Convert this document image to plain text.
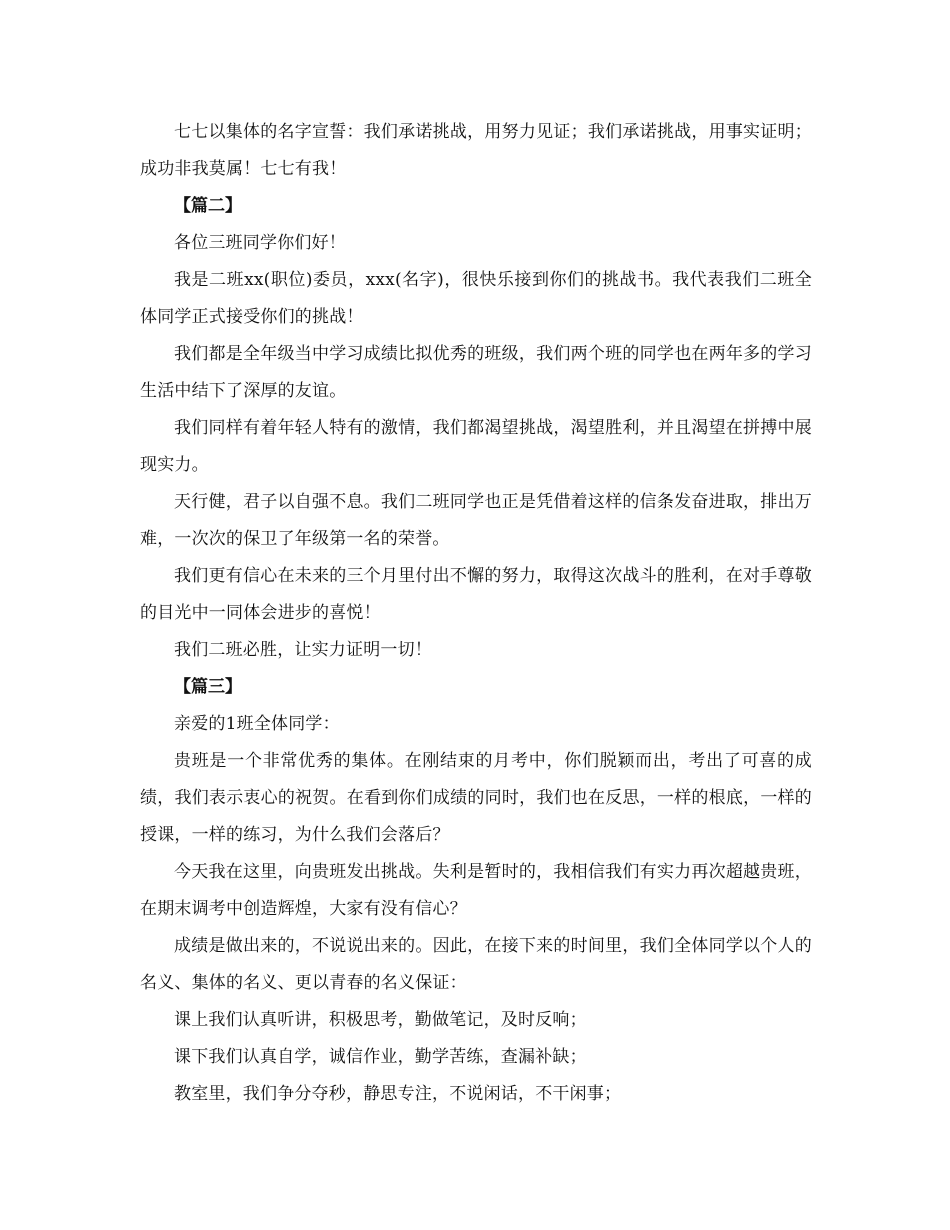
七七以集体的名字宣誓：我们承诺挑战，用努力见证；我们承诺挑战，用事实证明；成功非我莫属！七七有我！

【篇二】

各位三班同学你们好！

我是二班xx(职位)委员，xxx(名字)，很快乐接到你们的挑战书。我代表我们二班全体同学正式接受你们的挑战！

我们都是全年级当中学习成绩比拟优秀的班级，我们两个班的同学也在两年多的学习生活中结下了深厚的友谊。

我们同样有着年轻人特有的激情，我们都渴望挑战，渴望胜利，并且渴望在拼搏中展现实力。

天行健，君子以自强不息。我们二班同学也正是凭借着这样的信条发奋进取，排出万难，一次次的保卫了年级第一名的荣誉。

我们更有信心在未来的三个月里付出不懈的努力，取得这次战斗的胜利，在对手尊敬的目光中一同体会进步的喜悦！

我们二班必胜，让实力证明一切！

【篇三】

亲爱的1班全体同学：

贵班是一个非常优秀的集体。在刚结束的月考中，你们脱颖而出，考出了可喜的成绩，我们表示衷心的祝贺。在看到你们成绩的同时，我们也在反思，一样的根底，一样的授课，一样的练习，为什么我们会落后？

今天我在这里，向贵班发出挑战。失利是暂时的，我相信我们有实力再次超越贵班，在期末调考中创造辉煌，大家有没有信心？

成绩是做出来的，不说说出来的。因此，在接下来的时间里，我们全体同学以个人的名义、集体的名义、更以青春的名义保证：

课上我们认真听讲，积极思考，勤做笔记，及时反响；

课下我们认真自学，诚信作业，勤学苦练，查漏补缺；

教室里，我们争分夺秒，静思专注，不说闲话，不干闲事；
